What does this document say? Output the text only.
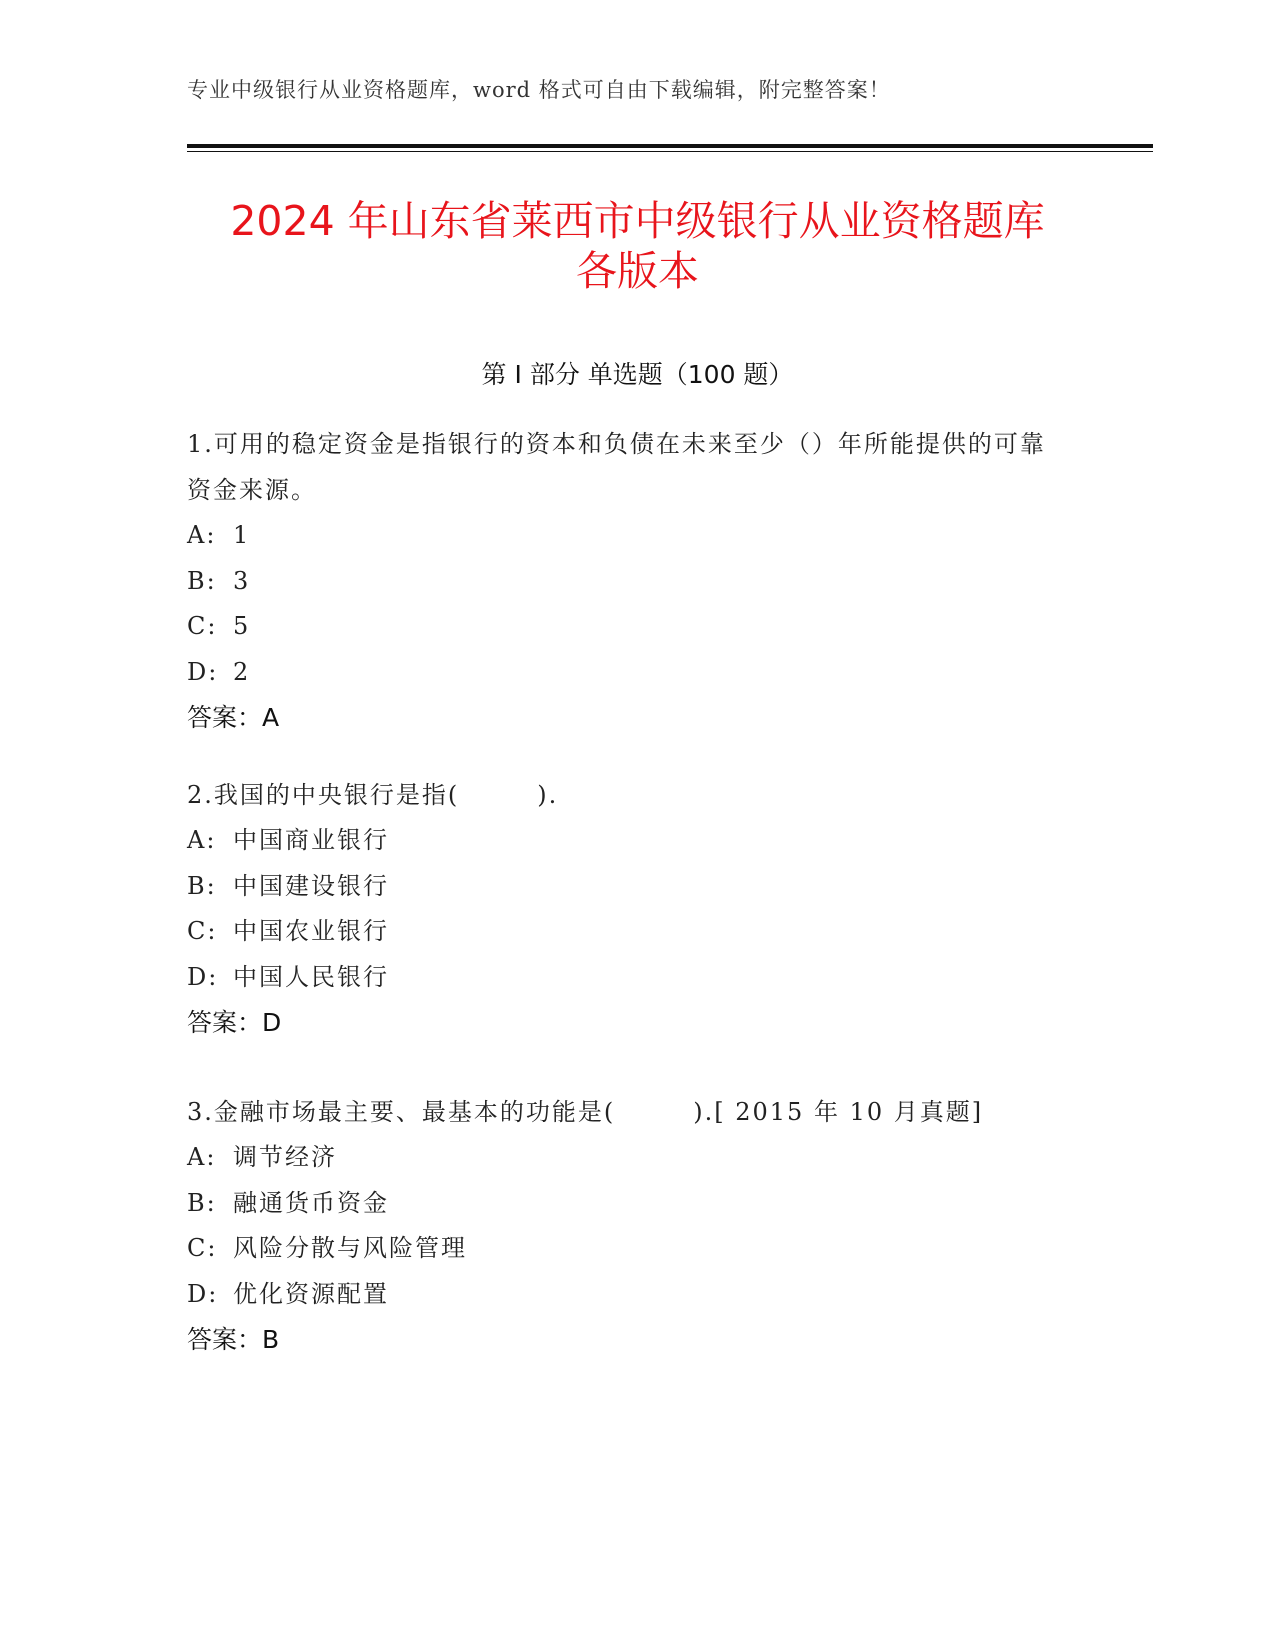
专业中级银行从业资格题库，word 格式可自由下载编辑，附完整答案！
2024 年山东省莱西市中级银行从业资格题库
各版本
第 I 部分 单选题（100 题）
1.可用的稳定资金是指银行的资本和负债在未来至少（）年所能提供的可靠资金来源。
A: 1
B: 3
C: 5
D: 2
答案：A
2.我国的中央银行是指(　　　).
A: 中国商业银行
B: 中国建设银行
C: 中国农业银行
D: 中国人民银行
答案：D
3.金融市场最主要、最基本的功能是(　　　).[ 2015 年 10 月真题]
A: 调节经济
B: 融通货币资金
C: 风险分散与风险管理
D: 优化资源配置
答案：B
